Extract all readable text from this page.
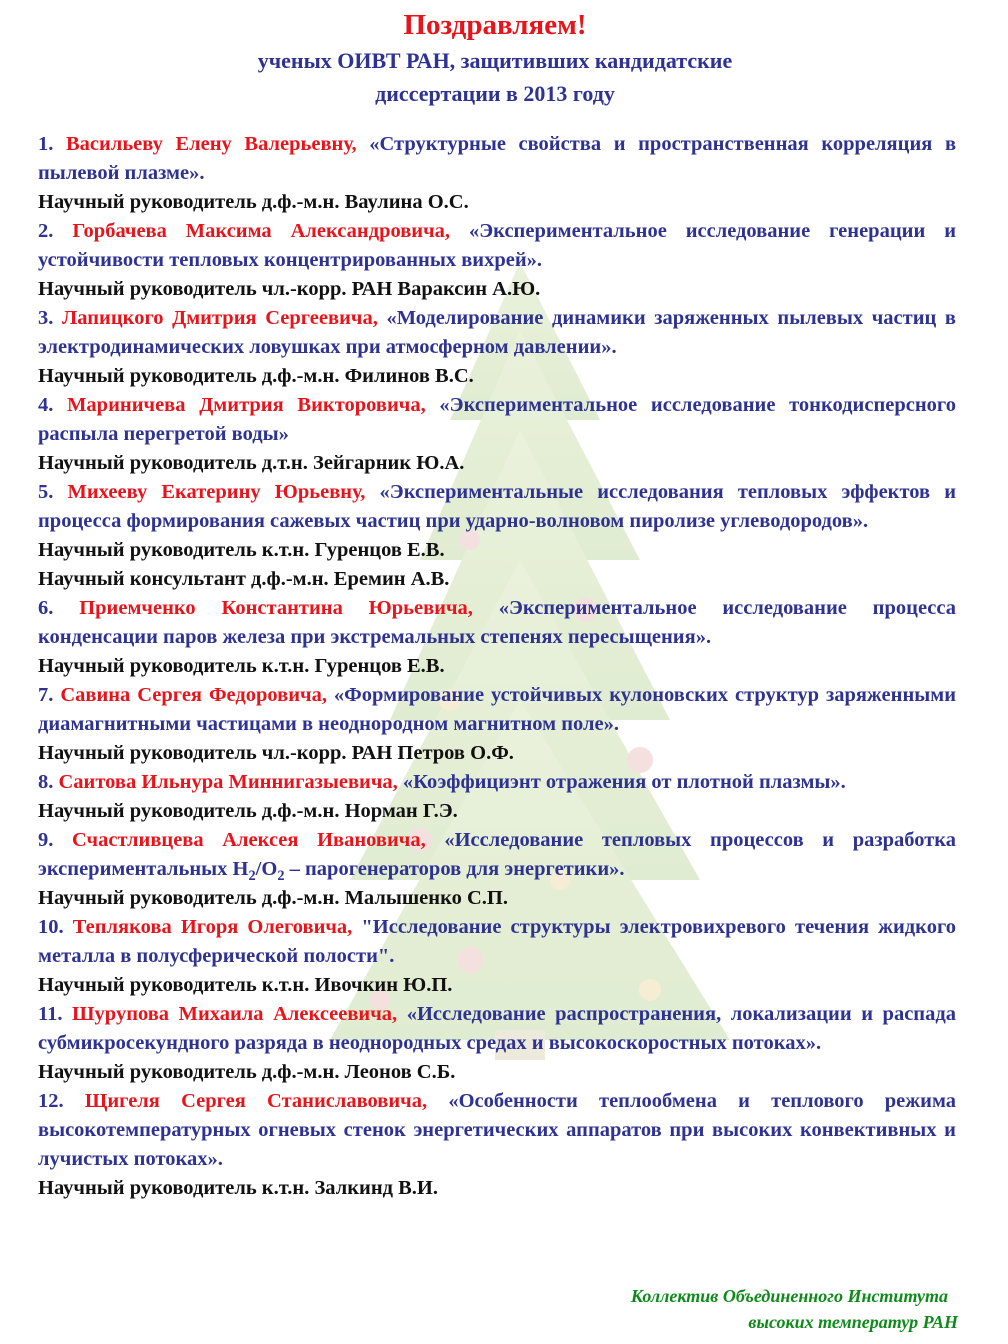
Поздравляем!
ученых ОИВТ РАН, защитивших кандидатские
диссертации в 2013 году

1. Васильеву Елену Валерьевну, «Структурные свойства и пространственная корреляция в пылевой плазме».

Научный руководитель д.ф.-м.н. Ваулина О.С.

2. Горбачева Максима Александровича, «Экспериментальное исследование генерации и устойчивости тепловых концентрированных вихрей».

Научный руководитель чл.-корр. РАН Вараксин А.Ю.

3. Лапицкого Дмитрия Сергеевича, «Моделирование динамики заряженных пылевых частиц в электродинамических ловушках при атмосферном давлении».

Научный руководитель д.ф.-м.н. Филинов В.С.

4. Мариничева Дмитрия Викторовича, «Экспериментальное исследование тонкодисперсного распыла перегретой воды»

Научный руководитель д.т.н. Зейгарник Ю.А.

5. Михееву Екатерину Юрьевну, «Экспериментальные исследования тепловых эффектов и процесса формирования сажевых частиц при ударно-волновом пиролизе углеводородов».

Научный руководитель к.т.н. Гуренцов Е.В.

Научный консультант д.ф.-м.н. Еремин А.В.

6. Приемченко Константина Юрьевича, «Экспериментальное исследование процесса конденсации паров железа при экстремальных степенях пересыщения».

Научный руководитель к.т.н. Гуренцов Е.В.

7. Савина Сергея Федоровича, «Формирование устойчивых кулоновских структур заряженными диамагнитными частицами в неоднородном магнитном поле».

Научный руководитель чл.-корр. РАН Петров О.Ф.

8. Саитова Ильнура Миннигазыевича, «Коэффициэнт отражения от плотной плазмы».

Научный руководитель д.ф.-м.н. Норман Г.Э.

9. Счастливцева Алексея Ивановича, «Исследование тепловых процессов и разработка экспериментальных $H_2/O_2$ – парогенераторов для энергетики».

Научный руководитель д.ф.-м.н. Малышенко С.П.

10. Теплякова Игоря Олеговича, "Исследование структуры электровихревого течения жидкого металла в полусферической полости".

Научный руководитель к.т.н. Ивочкин Ю.П.

11. Шурупова Михаила Алексеевича, «Исследование распространения, локализации и распада субмикросекундного разряда в неоднородных средах и высокоскоростных потоках».

Научный руководитель д.ф.-м.н. Леонов С.Б.

12. Щигеля Сергея Станиславовича, «Особенности теплообмена и теплового режима высокотемпературных огневых стенок энергетических аппаратов при высоких конвективных и лучистых потоках».

Научный руководитель к.т.н. Залкинд В.И.

Коллектив Объединенного Института
высоких температур РАН
